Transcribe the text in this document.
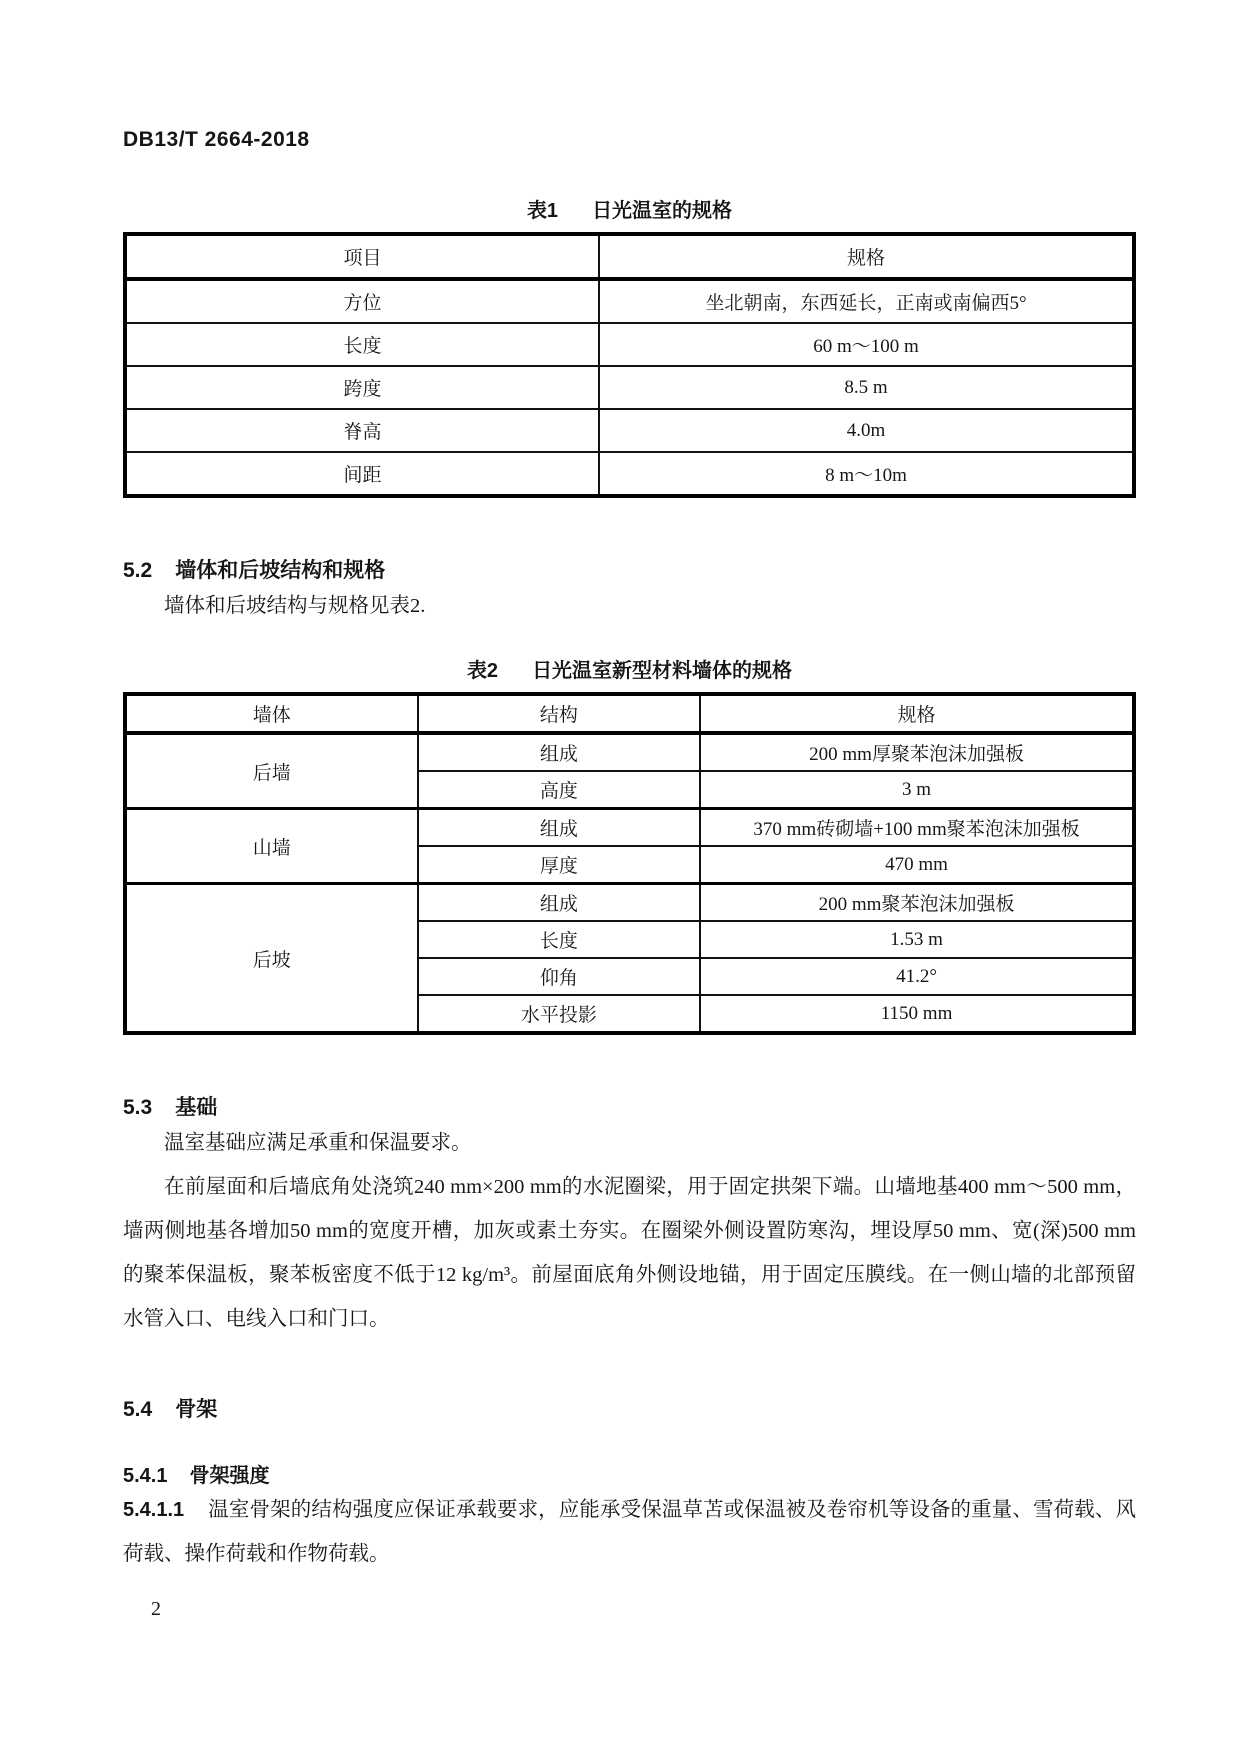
DB13/T 2664-2018
表1 日光温室的规格
项目	规格
方位	坐北朝南，东西延长，正南或南偏西5°
长度	60 m～100 m
跨度	8.5 m
脊高	4.0m
间距	8 m～10m
5.2 墙体和后坡结构和规格

墙体和后坡结构与规格见表2.

表2 日光温室新型材料墙体的规格
墙体	结构	规格
后墙	组成	200 mm厚聚苯泡沫加强板
	高度	3 m
山墙	组成	370 mm砖砌墙+100 mm聚苯泡沫加强板
	厚度	470 mm
后坡	组成	200 mm聚苯泡沫加强板
	长度	1.53 m
	仰角	41.2°
	水平投影	1150 mm
5.3 基础

温室基础应满足承重和保温要求。

在前屋面和后墙底角处浇筑240 mm×200 mm的水泥圈梁，用于固定拱架下端。山墙地基400 mm～500 mm，墙两侧地基各增加50 mm的宽度开槽，加灰或素土夯实。在圈梁外侧设置防寒沟，埋设厚50 mm、宽(深)500 mm的聚苯保温板，聚苯板密度不低于12 kg/m³。前屋面底角外侧设地锚，用于固定压膜线。在一侧山墙的北部预留水管入口、电线入口和门口。

5.4 骨架
5.4.1 骨架强度

5.4.1.1 温室骨架的结构强度应保证承载要求，应能承受保温草苫或保温被及卷帘机等设备的重量、雪荷载、风荷载、操作荷载和作物荷载。

2
